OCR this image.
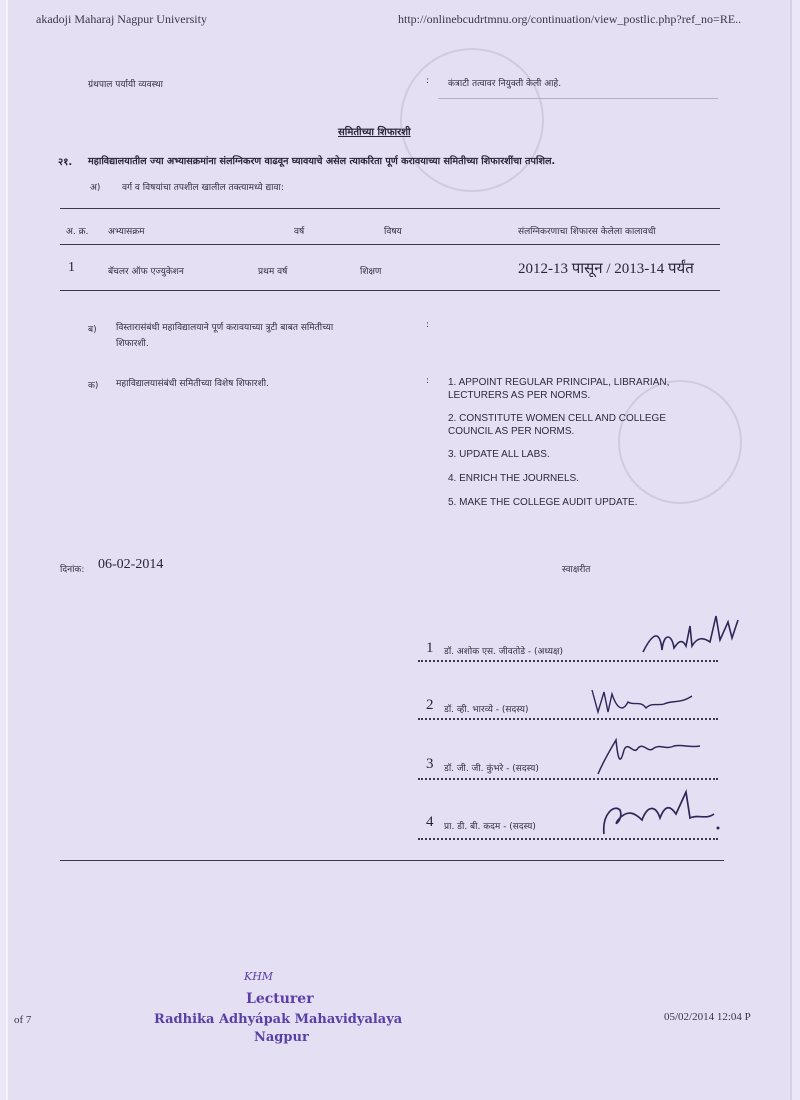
akadoji Maharaj Nagpur University	http://onlinebcudrtmnu.org/continuation/view_postlic.php?ref_no=RE..
ग्रंथपाल पर्यायी व्यवस्था	: कंत्राटी तत्वावर नियुक्ती केली आहे.
समितीच्या शिफारशी
२१. महाविद्यालयातील ज्या अभ्यासक्रमांना संलग्निकरण वाढवून घ्यावयाचे असेल त्याकरिता पूर्ण करावयाच्या समितीच्या शिफारशींचा तपशिल.
अ) वर्ग व विषयांचा तपशील खालील तक्त्यामध्ये द्यावा:
अ. क्र. अभ्यासक्रम	वर्ष	विषय	संलग्निकरणाचा शिफारस केलेला कालावधी
1	बॅचलर ऑफ एज्युकेशन	प्रथम वर्ष	शिक्षण	2012-13 पासून / 2013-14 पर्यंत
ब) विस्तारासंबंधी महाविद्यालयाने पूर्ण करावयाच्या त्रुटी बाबत समितीच्या
शिफारशी.
:
क) महाविद्यालयासंबंधी समितीच्या विशेष शिफारशी.	: 1. APPOINT REGULAR PRINCIPAL, LIBRARIAN, LECTURERS AS PER NORMS.
2. CONSTITUTE WOMEN CELL AND COLLEGE COUNCIL AS PER NORMS.
3. UPDATE ALL LABS.
4. ENRICH THE JOURNELS.
5. MAKE THE COLLEGE AUDIT UPDATE.
दिनांक: 06-02-2014	स्वाक्षरीत
1 डॉ. अशोक एस. जीवतोडे - (अध्यक्ष)
2 डॉ. व्ही. भारव्ये - (सदस्य)
3 डॉ. जी. जी. कुंभरे - (सदस्य)
4 प्रा. डी. बी. कदम - (सदस्य)
of 7
KHM
Lecturer
Radhika Adhyápak Mahavidyalaya
Nagpur
05/02/2014 12:04 P
